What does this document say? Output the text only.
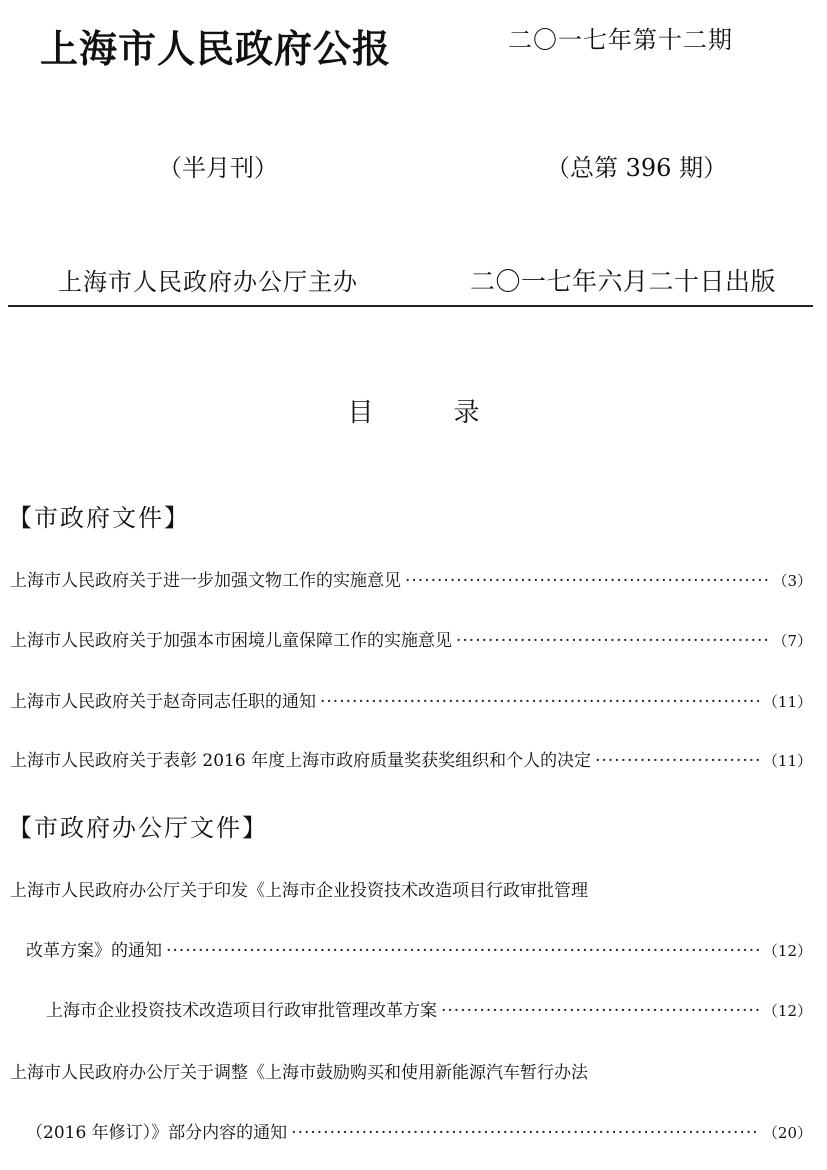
上海市人民政府公报	二〇一七年第十二期
（半月刊）	（总第 396 期）
上海市人民政府办公厅主办	二〇一七年六月二十日出版
目	录
【市政府文件】
上海市人民政府关于进一步加强文物工作的实施意见 ·····	（3）
上海市人民政府关于加强本市困境儿童保障工作的实施意见 ·····	（7）
上海市人民政府关于赵奇同志任职的通知 ·····	（11）
上海市人民政府关于表彰 2016 年度上海市政府质量奖获奖组织和个人的决定 ·····	（11）
【市政府办公厅文件】
上海市人民政府办公厅关于印发《上海市企业投资技术改造项目行政审批管理
改革方案》的通知 ·····	（12）
上海市企业投资技术改造项目行政审批管理改革方案 ·····	（12）
上海市人民政府办公厅关于调整《上海市鼓励购买和使用新能源汽车暂行办法
（2016 年修订）》部分内容的通知 ·····	（20）
